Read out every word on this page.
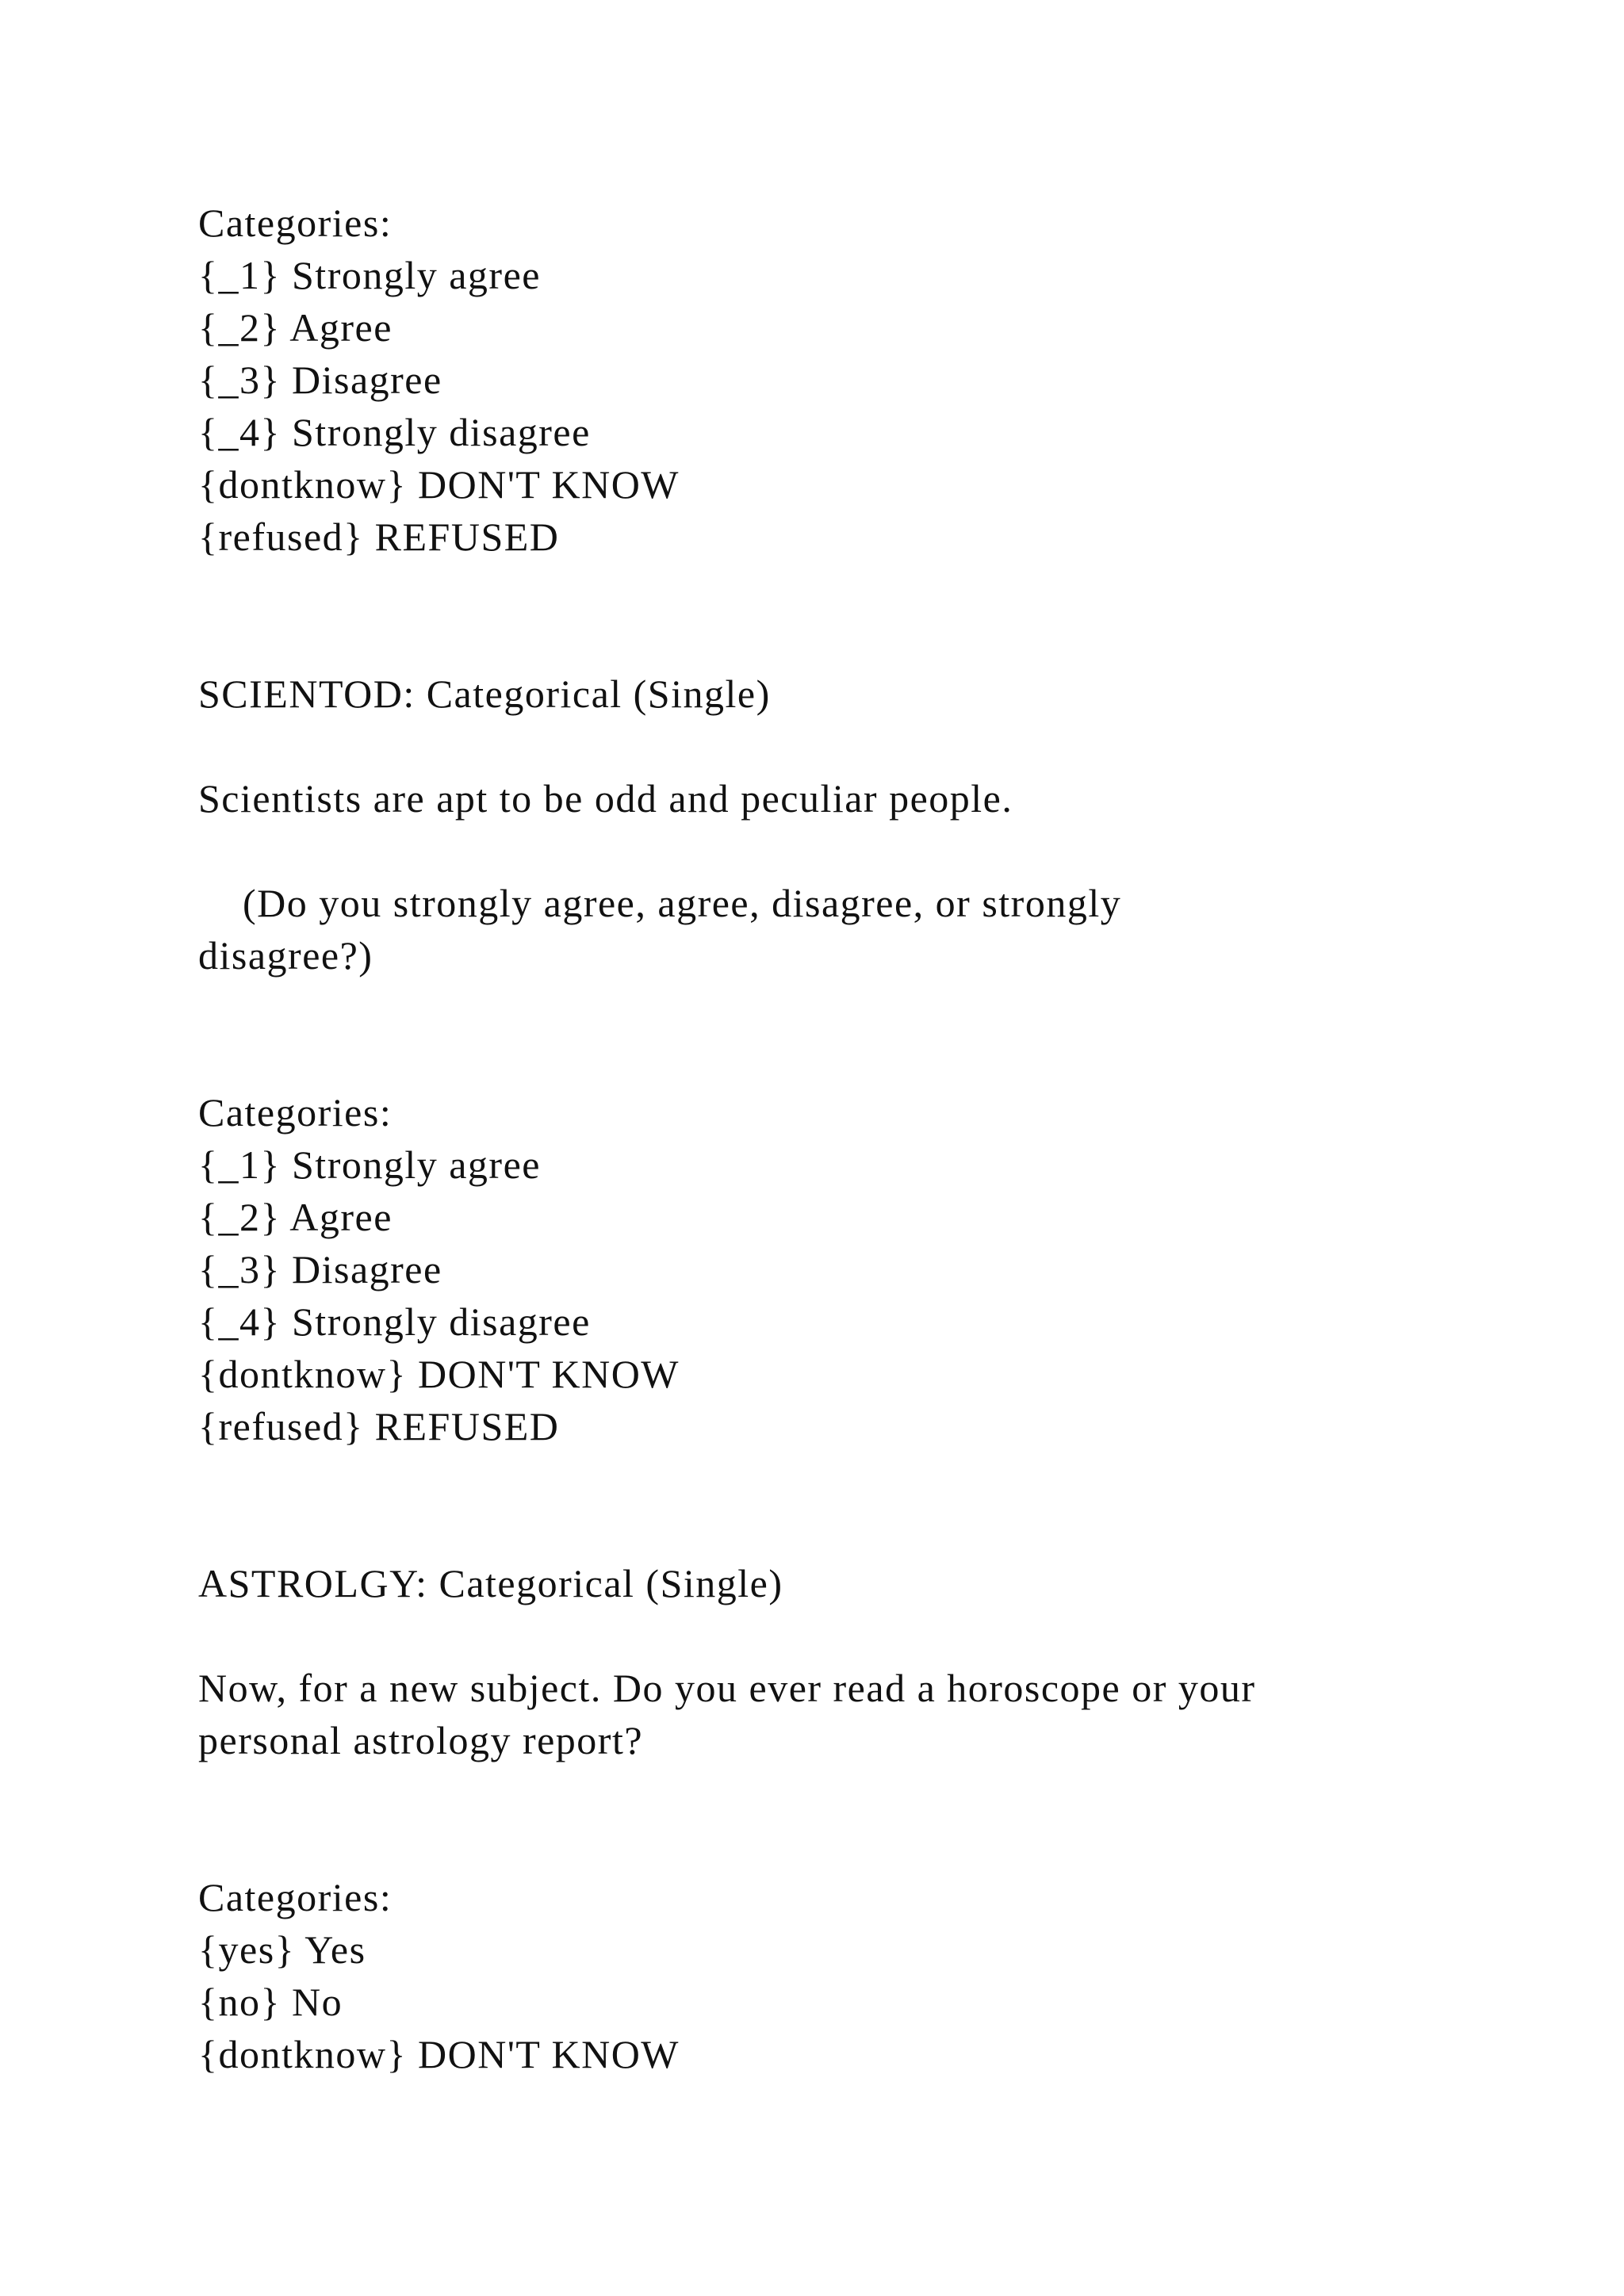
Categories:
{_1} Strongly agree
{_2} Agree
{_3} Disagree
{_4} Strongly disagree
{dontknow} DON'T KNOW
{refused} REFUSED
SCIENTOD: Categorical (Single)
Scientists are apt to be odd and peculiar people.
(Do you strongly agree, agree, disagree, or strongly
disagree?)
Categories:
{_1} Strongly agree
{_2} Agree
{_3} Disagree
{_4} Strongly disagree
{dontknow} DON'T KNOW
{refused} REFUSED
ASTROLGY: Categorical (Single)
Now, for a new subject. Do you ever read a horoscope or your
personal astrology report?
Categories:
{yes} Yes
{no} No
{dontknow} DON'T KNOW
